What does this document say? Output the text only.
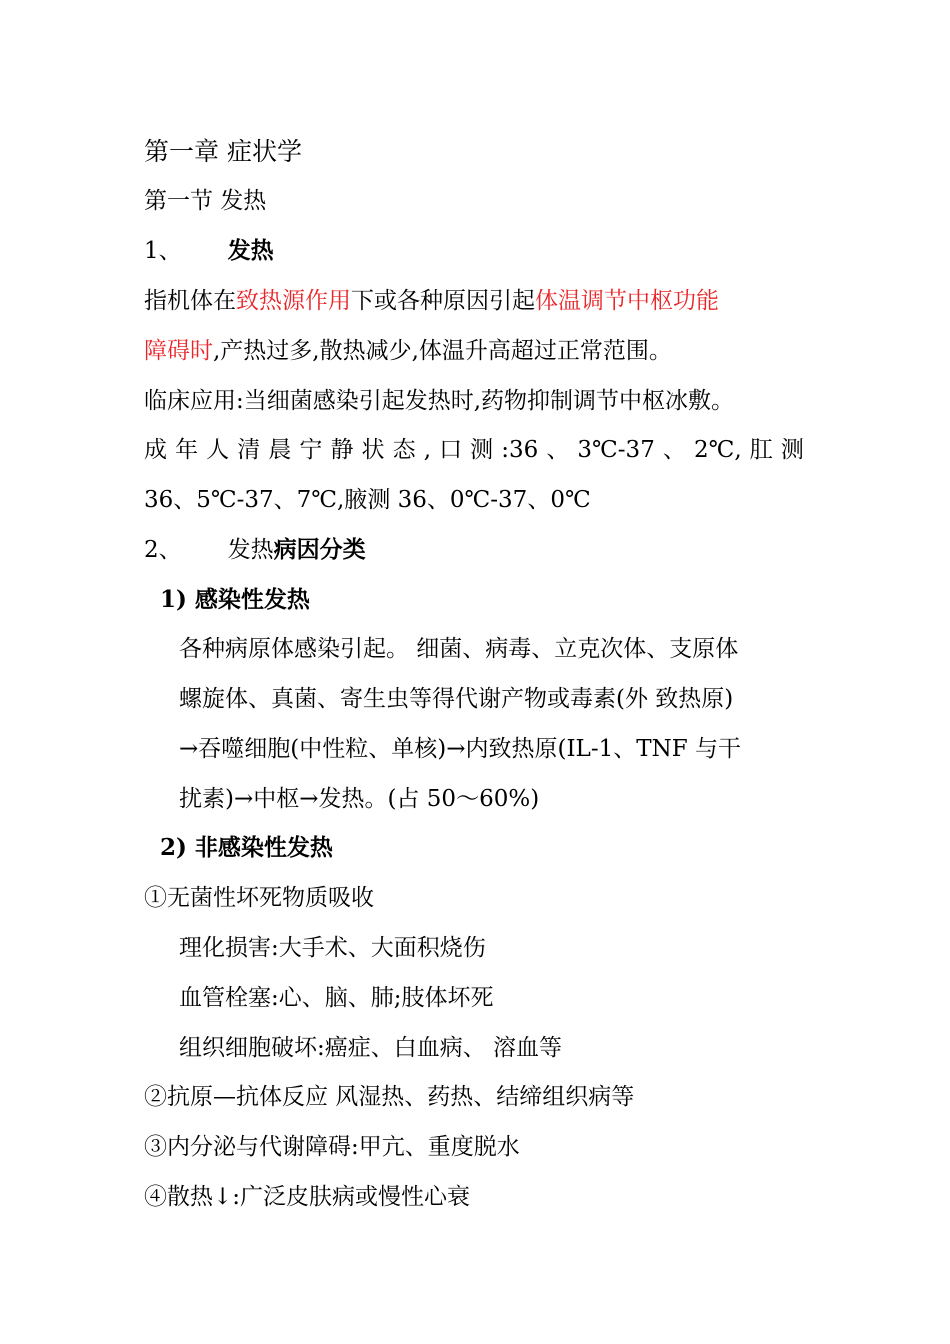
第一章 症状学
第一节 发热
1、 发热
指机体在致热源作用下或各种原因引起体温调节中枢功能
障碍时,产热过多,散热减少,体温升高超过正常范围。
临床应用:当细菌感染引起发热时,药物抑制调节中枢冰敷。
成 年 人 清 晨 宁 静 状 态 , 口 测 :36 、 3℃-37 、 2℃, 肛 测
36、5℃-37、7℃,腋测 36、0℃-37、0℃
2、 发热病因分类
1) 感染性发热
各种病原体感染引起。 细菌、病毒、立克次体、支原体
螺旋体、真菌、寄生虫等得代谢产物或毒素(外 致热原)
→吞噬细胞(中性粒、单核)→内致热原(IL-1、TNF 与干
扰素)→中枢→发热。(占 50～60%)
2) 非感染性发热
①无菌性坏死物质吸收
理化损害:大手术、大面积烧伤
血管栓塞:心、脑、肺;肢体坏死
组织细胞破坏:癌症、白血病、 溶血等
②抗原—抗体反应 风湿热、药热、结缔组织病等
③内分泌与代谢障碍:甲亢、重度脱水
④散热↓:广泛皮肤病或慢性心衰
